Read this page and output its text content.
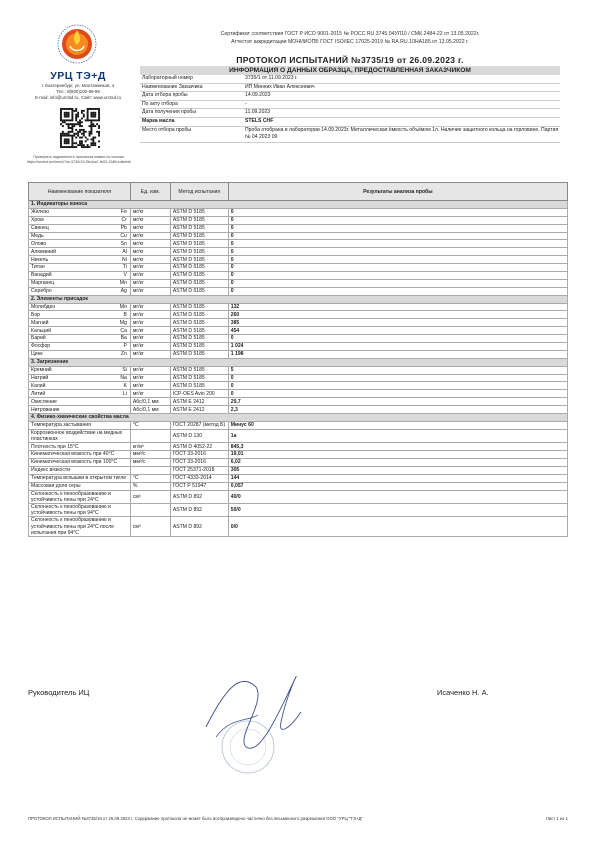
УРЦ ТЭ+Д
г. Екатеринбург, ул. Монтажников, 4
Тел.: 8(800)100-69-99
E-mail: info@urctsd.ru, Сайт: www.urctsd.ru
Проверить подлинность протокола можно по ссылке:
https://urctsd.ru/check/?id=3735/19-f3e4ca7-fb02-1389-ed6ef4e
Сертификат соответствия ГОСТ Р ИСО 9001-2015 № РОСС RU.3745.04УЛ10 / СМК.2484-22 от 13.05.2022г.
Аттестат аккредитации МОНИИОПБ ГОСТ ISO/IEC 17025-2019 № RA.RU.10НА185 от 13.05.2022 г.
ПРОТОКОЛ ИСПЫТАНИЙ №3735/19 от 26.09.2023 г.
ИНФОРМАЦИЯ О ДАННЫХ ОБРАЗЦА, ПРЕДОСТАВЛЕННАЯ ЗАКАЗЧИКОМ
Лабораторный номер	3735/1 от 11.09.2023 г.
Наименование Заказчика	ИП Минних Иван Алексеевич
Дата отбора пробы	14.09.2023
По акту отбора	-
Дата получения пробы	11.09.2023
Марка масла	STELS CHF
Место отбора пробы	Проба отобрана в лаборатории 14.09.2023г. Металлическая ёмкость объёмом 1л. Наличие защитного кольца на горловине. Партия № 04 2023 09
Наименование показателя		Ед. изм.	Метод испытания	Результаты анализа пробы
1. Индикаторы износа				
Железо	Fe	мг/кг	ASTM D 5185	0
Хром	Cr	мг/кг	ASTM D 5185	0
Свинец	Pb	мг/кг	ASTM D 5185	0
Медь	Cu	мг/кг	ASTM D 5185	0
Олово	Sn	мг/кг	ASTM D 5185	0
Алюминий	Al	мг/кг	ASTM D 5185	0
Никель	Ni	мг/кг	ASTM D 5185	0
Титан	Ti	мг/кг	ASTM D 5185	0
Ванадий	V	мг/кг	ASTM D 5185	0
Марганец	Mn	мг/кг	ASTM D 5185	0
Серебро	Ag	мг/кг	ASTM D 5185	0
2. Элементы присадок				
Молибден	Mo	мг/кг	ASTM D 5185	132
Бор	B	мг/кг	ASTM D 5185	260
Магний	Mg	мг/кг	ASTM D 5185	385
Кальций	Ca	мг/кг	ASTM D 5185	454
Барий	Ba	мг/кг	ASTM D 5185	0
Фосфор	P	мг/кг	ASTM D 5185	1 024
Цинк	Zn	мг/кг	ASTM D 5185	1 198
3. Загрязнение				
Кремний	Si	мг/кг	ASTM D 5185	5
Натрий	Na	мг/кг	ASTM D 5185	0
Калий	K	мг/кг	ASTM D 5185	0
Литий	Li	мг/кг	ICP-OES Avio 200	0
Окисление		Абс/0,1 мм	ASTM E 2412	29,7
Нитрование		Абс/0,1 мм	ASTM E 2412	2,3
4. Физико-химические свойства масла				
Температура застывания		°C	ГОСТ 20287 (метод Б)	Минус 60
Коррозионное воздействие на медных пластинках			ASTM D 130	1a
Плотность при 15°C		кг/м³	ASTM D 4052-22	845,3
Кинематическая вязкость при 40°C		мм²/с	ГОСТ 33-2016	19,01
Кинематическая вязкость при 100°C		мм²/с	ГОСТ 33-2016	6,02
Индекс вязкости			ГОСТ 25371-2018	305
Температура вспышки в открытом тигле		°C	ГОСТ 4333-2014	144
Массовая доля серы		%	ГОСТ Р 51947	0,057
Склонность к пенообразованию и устойчивость пены при 24°C		см³	ASTM D 892	40/0
Склонность к пенообразованию и устойчивость пены при 94°C			ASTM D 892	50/0
Склонность к пенообразованию и устойчивость пены при 24°C после испытания при 94°C		см³	ASTM D 892	0/0
Руководитель ИЦ	Исаченко Н. А.
ПРОТОКОЛ ИСПЫТАНИЙ №3735/19 от 26.09.2023 г. Содержание протокола не может быть воспроизведено частично без письменного разрешения ООО "УРЦ "ТЭ+Д"	Лист 1 из 1
